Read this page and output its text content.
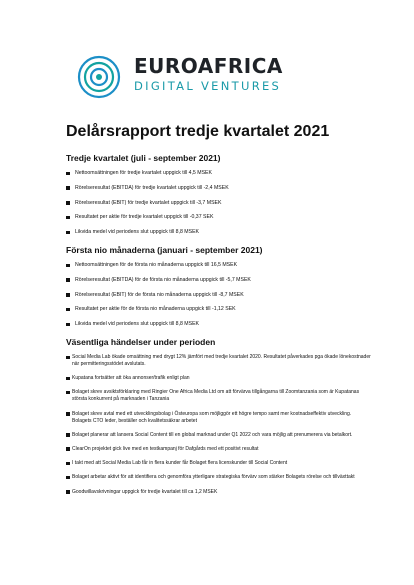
EUROAFRICA
DIGITAL VENTURES
Delårsrapport tredje kvartalet 2021
Tredje kvartalet (juli - september 2021)
Nettoomsättningen för tredje kvartalet uppgick till 4,5 MSEK
Rörelseresultat (EBITDA) för tredje kvartalet uppgick till -2,4 MSEK
Rörelseresultat (EBIT) för tredje kvartalet uppgick till -3,7 MSEK
Resultatet per aktie för tredje kvartalet uppgick till -0,37 SEK
Likvida medel vid periodens slut uppgick till 8,8 MSEK
Första nio månaderna (januari - september 2021)
Nettoomsättningen för de första nio månaderna uppgick till 16,5 MSEK
Rörelseresultat (EBITDA) för de första nio månaderna uppgick till -5,7 MSEK
Rörelseresultat (EBIT) för de första nio månaderna uppgick till -8,7 MSEK
Resultatet per aktie för de första nio månaderna uppgick till -1,12 SEK
Likvida medel vid periodens slut uppgick till 8,8 MSEK
Väsentliga händelser under perioden
Social Media Lab ökade omsättning med drygt 12% jämfört med tredje kvartalet 2020. Resultatet påverkades pga ökade lönekostnader när permitteringsstödet avslutats.
Kupatana fortsätter att öka annonser/trafik enligt plan
Bolaget skrev avsiktsförklaring med Ringier One Africa Media Ltd om att förvärva tillgångarna till Zoomtanzania som är Kupatanas största konkurrent på marknaden i Tanzania
Bolaget skrev avtal med ett utvecklingsbolag i Östeuropa som möjliggör ett högre tempo samt mer kostnadseffektiv utveckling. Bolagets CTO leder, beställer och kvalitetssäkrar arbetet
Bolaget planerar att lansera Social Content till en global marknad under Q1 2022 och vara möjlig att prenumerera via betalkort.
ClearOn projektet gick live med en testkampanj för Dafgårds med ett positivt resultat
I takt med att Social Media Lab får in flera kunder får Bolaget flera licenskunder till Social Content
Bolaget arbetar aktivt för att identifiera och genomföra ytterligare strategiska förvärv som stärker Bolagets rörelse och tillväxttakt
Goodwillavskrivningar uppgick för tredje kvartalet till ca 1,2 MSEK
